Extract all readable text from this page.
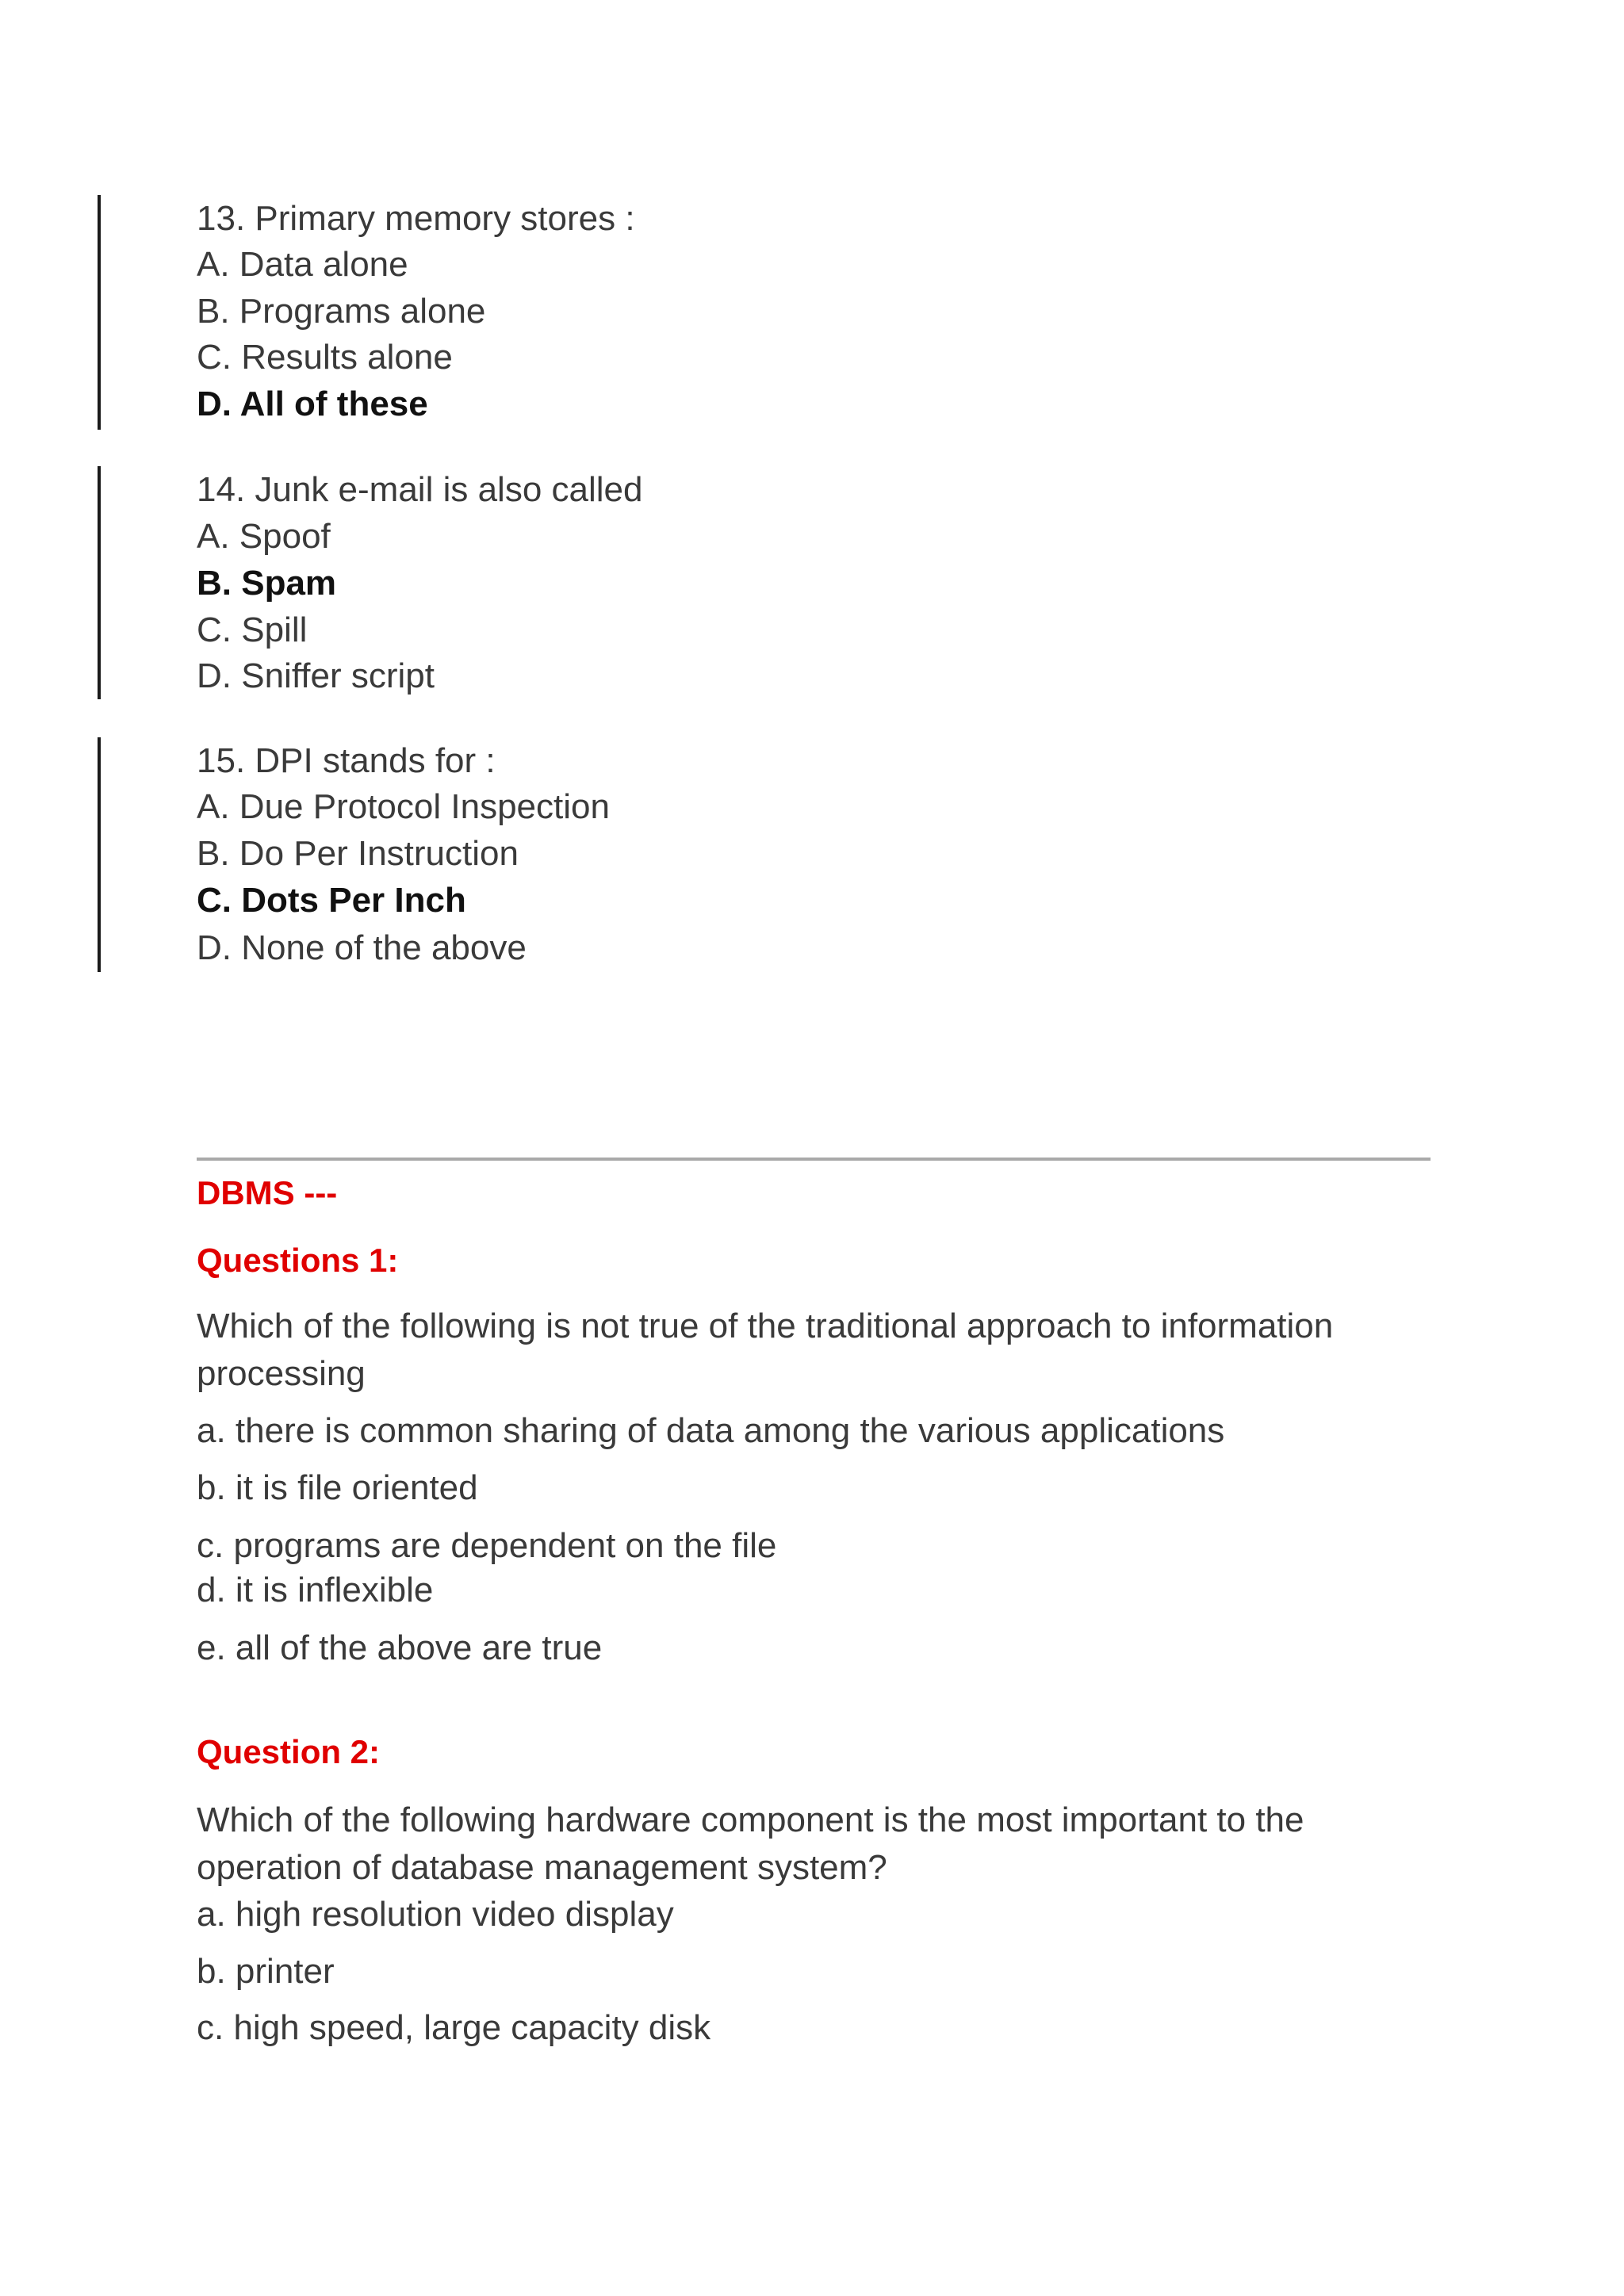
13. Primary memory stores :
A. Data alone
B. Programs alone
C. Results alone
D. All of these
14. Junk e-mail is also called
A. Spoof
B. Spam
C. Spill
D. Sniffer script
15. DPI stands for :
A. Due Protocol Inspection
B. Do Per Instruction
C. Dots Per Inch
D. None of the above
DBMS ---
Questions 1:
Which of the following is not true of the traditional approach to information
processing
a. there is common sharing of data among the various applications
b. it is file oriented
c. programs are dependent on the file
d. it is inflexible
e. all of the above are true
Question 2:
Which of the following hardware component is the most important to the
operation of database management system?
a. high resolution video display
b. printer
c. high speed, large capacity disk
